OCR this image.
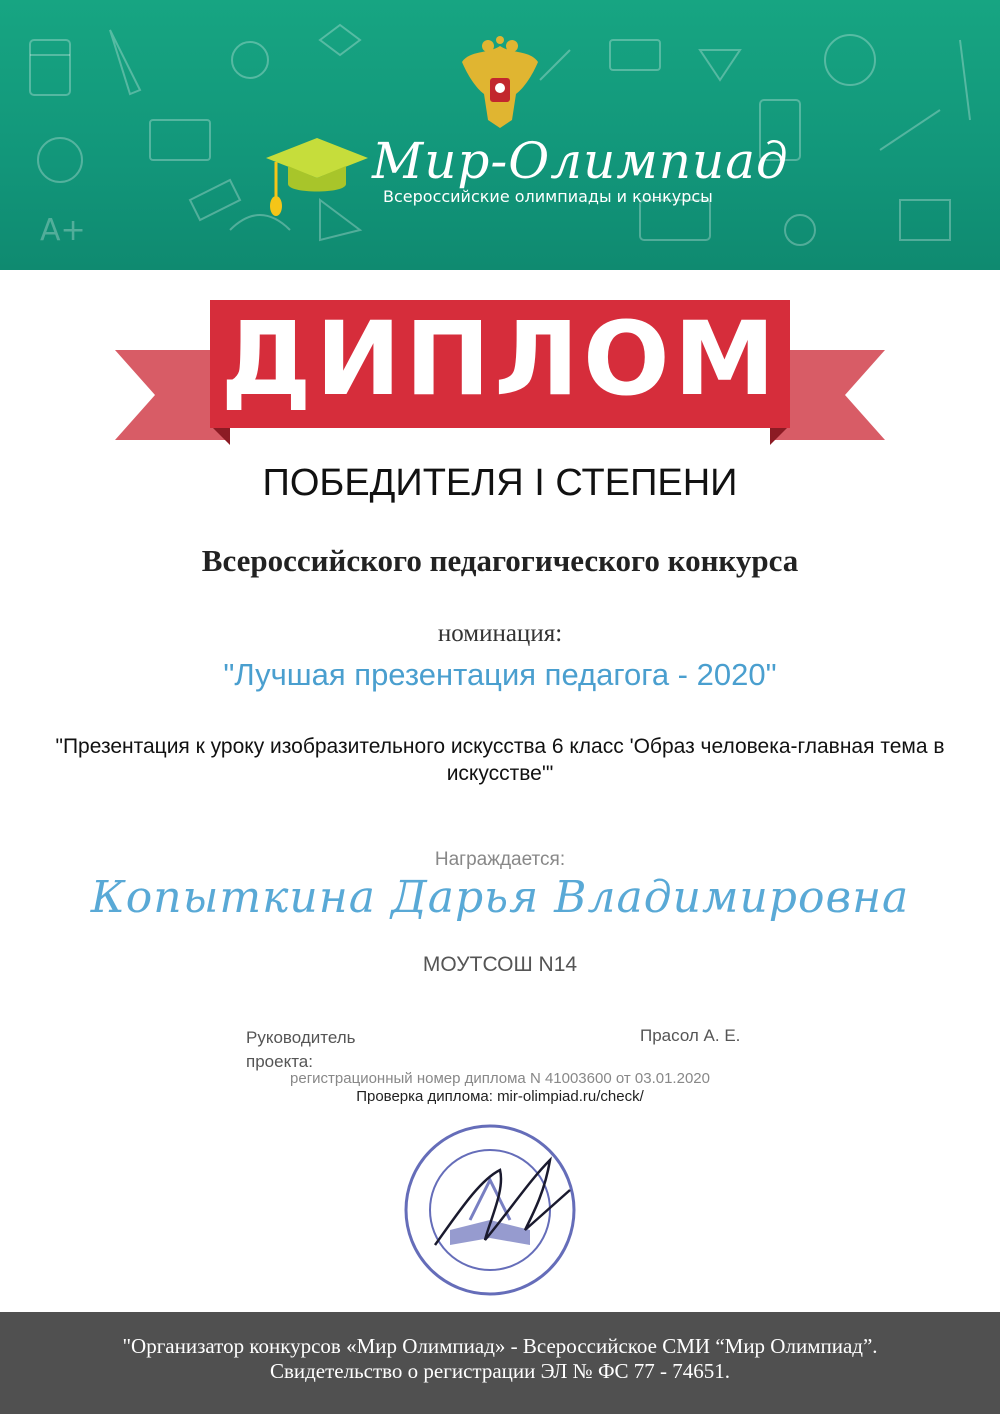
A+
Мир-Олимпиад
Всероссийские олимпиады и конкурсы
ДИПЛОМ
ПОБЕДИТЕЛЯ I СТЕПЕНИ
Всероссийского педагогического конкурса
номинация:
"Лучшая презентация педагога - 2020"
"Презентация к уроку изобразительного искусства 6 класс 'Образ человека-главная тема в искусстве'"
Награждается:
Копыткина Дарья Владимировна
МОУТСОШ N14
регистрационный номер диплома N 41003600 от 03.01.2020
Проверка диплома: mir-olimpiad.ru/check/
Руководитель проекта:
Прасол А. Е.
"Организатор конкурсов «Мир Олимпиад» - Всероссийское СМИ “Мир Олимпиад”.
Свидетельство о регистрации ЭЛ № ФС 77 - 74651.
